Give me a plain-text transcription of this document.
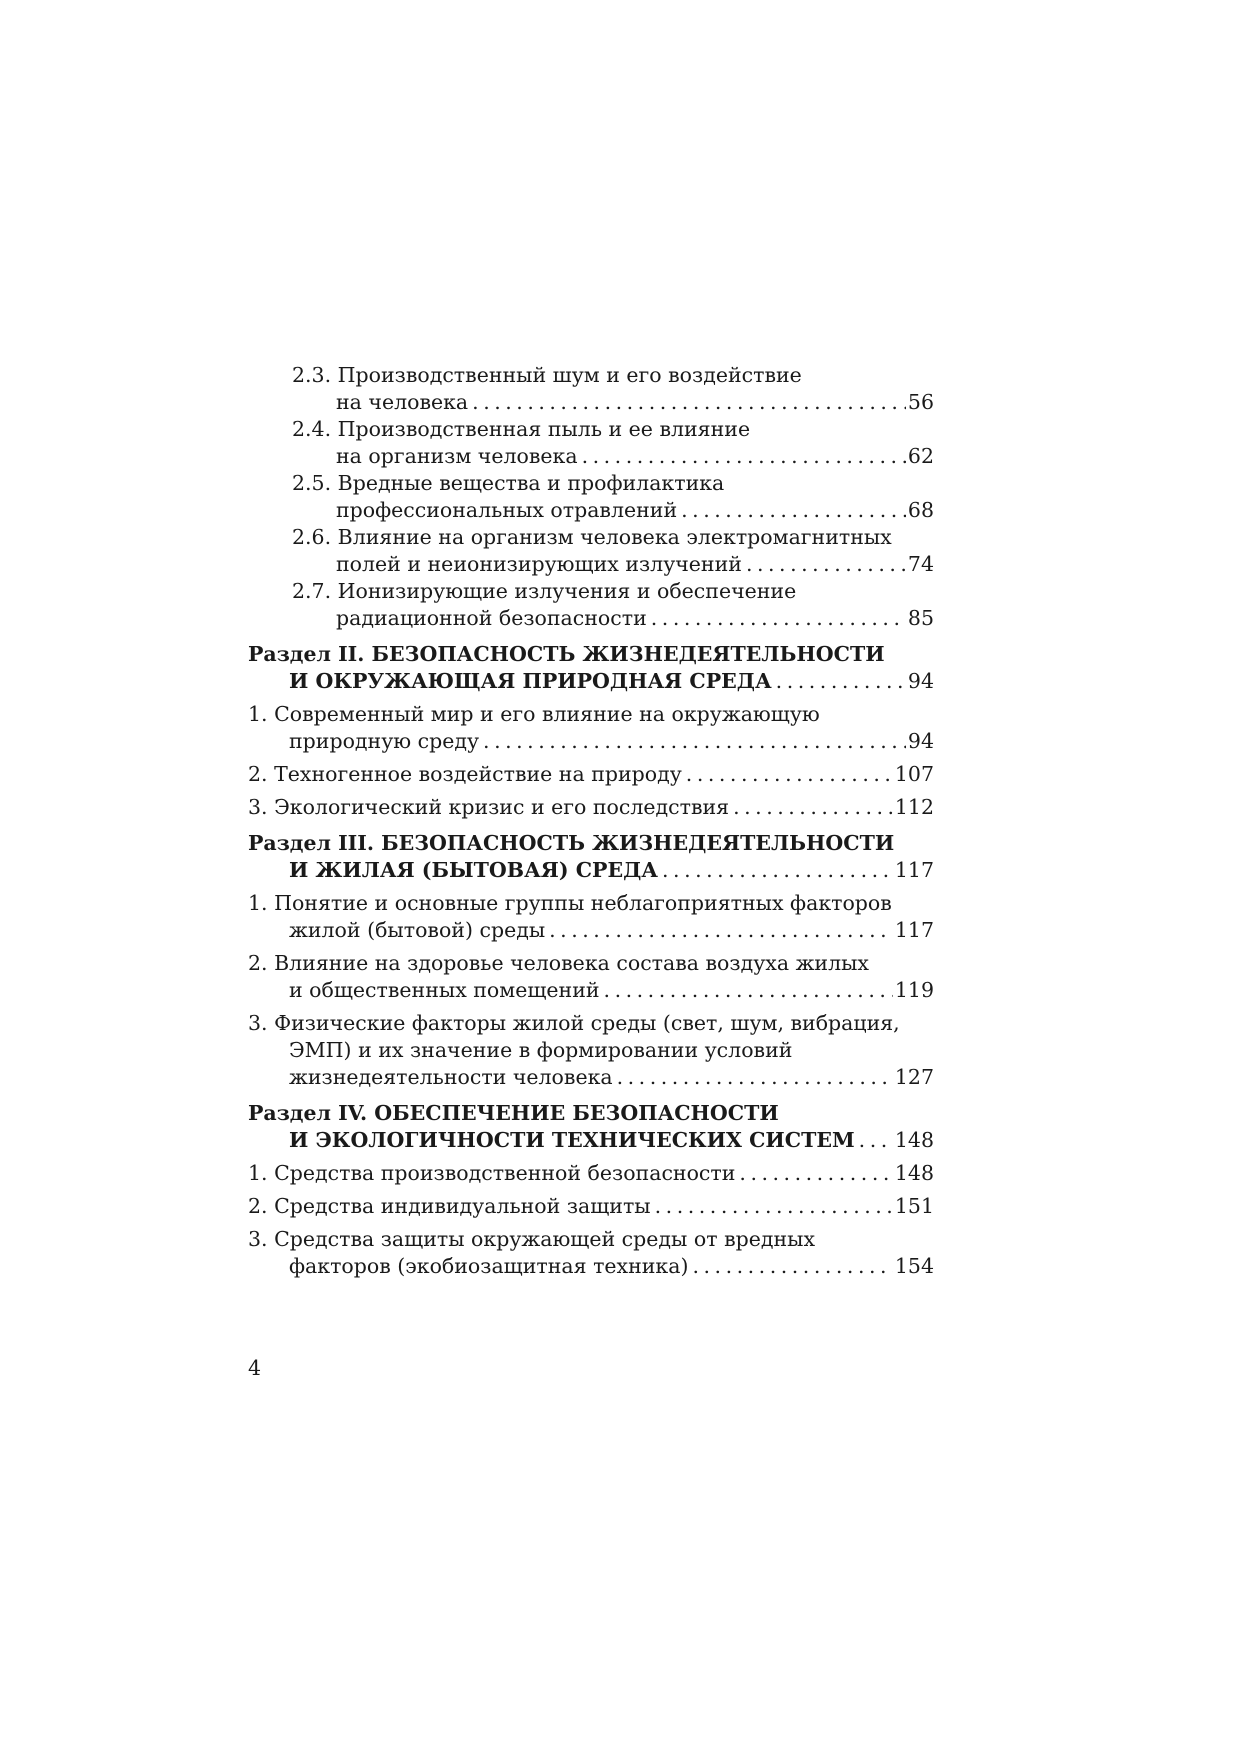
2.3. Производственный шум и его воздействие
на человека . . .	56
2.4. Производственная пыль и ее влияние
на организм человека . . .	62
2.5. Вредные вещества и профилактика
профессиональных отравлений . . .	68
2.6. Влияние на организм человека электромагнитных
полей и неионизирующих излучений . . .	74
2.7. Ионизирующие излучения и обеспечение
радиационной безопасности . . .	85
Раздел II. БЕЗОПАСНОСТЬ ЖИЗНЕДЕЯТЕЛЬНОСТИ
И ОКРУЖАЮЩАЯ ПРИРОДНАЯ СРЕДА . . .	94
1. Современный мир и его влияние на окружающую
природную среду . . .	94
2. Техногенное воздействие на природу . . .	107
3. Экологический кризис и его последствия . . .	112
Раздел III. БЕЗОПАСНОСТЬ ЖИЗНЕДЕЯТЕЛЬНОСТИ
И ЖИЛАЯ (БЫТОВАЯ) СРЕДА . . .	117
1. Понятие и основные группы неблагоприятных факторов
жилой (бытовой) среды . . .	117
2. Влияние на здоровье человека состава воздуха жилых
и общественных помещений . . .	119
3. Физические факторы жилой среды (свет, шум, вибрация,
ЭМП) и их значение в формировании условий
жизнедеятельности человека . . .	127
Раздел IV. ОБЕСПЕЧЕНИЕ БЕЗОПАСНОСТИ
И ЭКОЛОГИЧНОСТИ ТЕХНИЧЕСКИХ СИСТЕМ . . . 148
1. Средства производственной безопасности . . .	148
2. Средства индивидуальной защиты . . .	151
3. Средства защиты окружающей среды от вредных
факторов (экобиозащитная техника) . . .	154
4
